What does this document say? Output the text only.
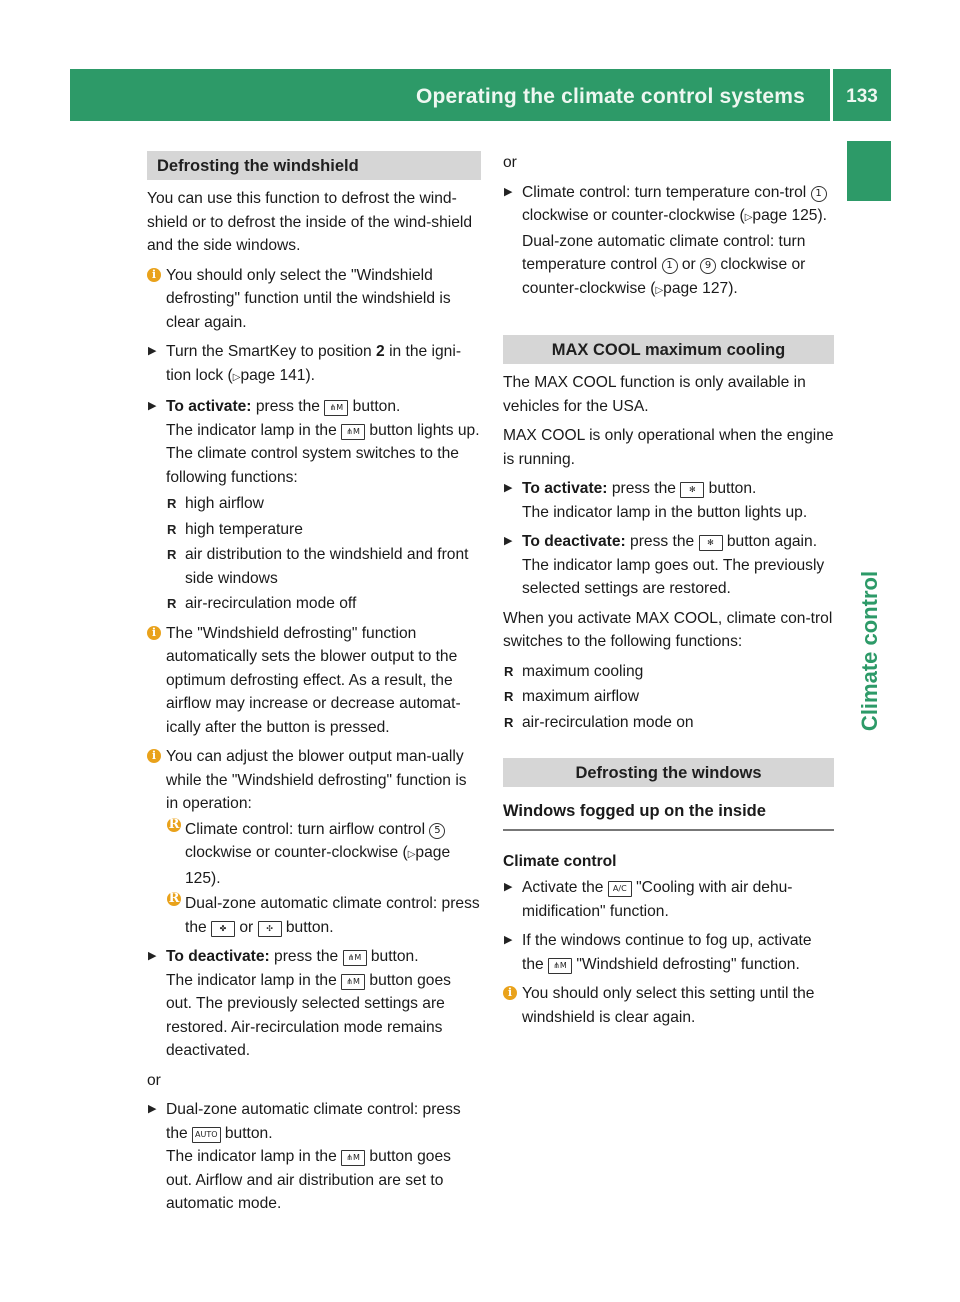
Operating the climate control systems	133
Climate control
Defrosting the windshield

You can use this function to defrost the wind-shield or to defrost the inside of the wind-shield and the side windows.

i You should only select the "Windshield defrosting" function until the windshield is clear again.
▶ Turn the SmartKey to position 2 in the igni-tion lock (▷page 141).
▶ To activate: press the ⋔M button.
The indicator lamp in the ⋔M button lights up.
The climate control system switches to the following functions:
R high airflow
R high temperature
R air distribution to the windshield and front side windows
R air-recirculation mode off
i The "Windshield defrosting" function automatically sets the blower output to the optimum defrosting effect. As a result, the airflow may increase or decrease automat-ically after the button is pressed.
i You can adjust the blower output man-ually while the "Windshield defrosting" function is in operation:
R Climate control: turn airflow control 5 clockwise or counter-clockwise (▷page 125).
R Dual-zone automatic climate control: press the ✤ or ✣ button.
▶ To deactivate: press the ⋔M button.
The indicator lamp in the ⋔M button goes out. The previously selected settings are restored. Air-recirculation mode remains deactivated.

or

▶ Dual-zone automatic climate control: press the AUTO button.
The indicator lamp in the ⋔M button goes out. Airflow and air distribution are set to automatic mode.

or

▶ Climate control: turn temperature con-trol 1 clockwise or counter-clockwise (▷page 125).
Dual-zone automatic climate control: turn temperature control 1 or 9 clockwise or counter-clockwise (▷page 127).
MAX COOL maximum cooling

The MAX COOL function is only available in vehicles for the USA.

MAX COOL is only operational when the engine is running.

▶ To activate: press the ✻ button.
The indicator lamp in the button lights up.
▶ To deactivate: press the ✻ button again.
The indicator lamp goes out. The previously selected settings are restored.

When you activate MAX COOL, climate con-trol switches to the following functions:

R maximum cooling
R maximum airflow
R air-recirculation mode on
Defrosting the windows
Windows fogged up on the inside
Climate control
▶ Activate the A/C "Cooling with air dehu-midification" function.
▶ If the windows continue to fog up, activate the ⋔M "Windshield defrosting" function.
i You should only select this setting until the windshield is clear again.
